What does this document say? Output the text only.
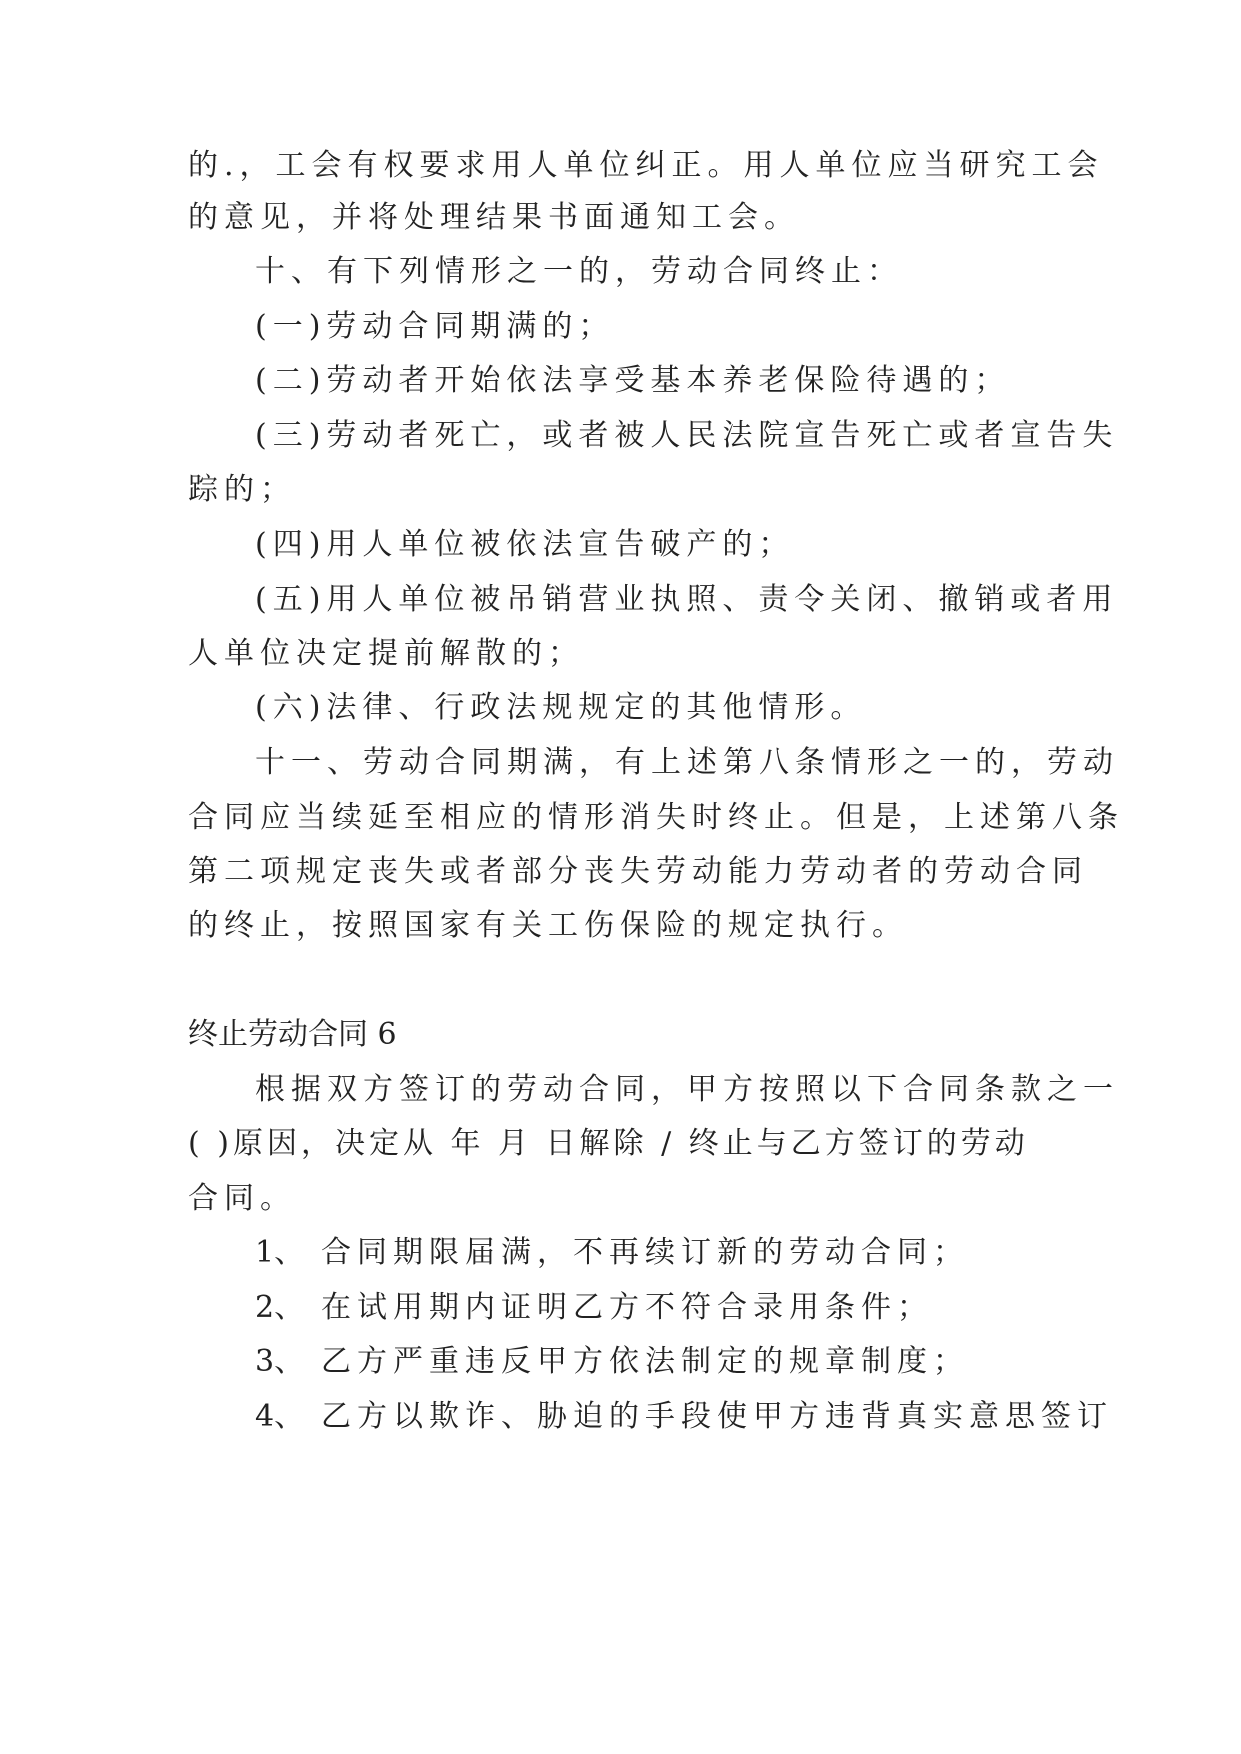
的.，工会有权要求用人单位纠正。用人单位应当研究工会
的意见，并将处理结果书面通知工会。
十、有下列情形之一的，劳动合同终止：
(一)劳动合同期满的；
(二)劳动者开始依法享受基本养老保险待遇的；
(三)劳动者死亡，或者被人民法院宣告死亡或者宣告失
踪的；
(四)用人单位被依法宣告破产的；
(五)用人单位被吊销营业执照、责令关闭、撤销或者用
人单位决定提前解散的；
(六)法律、行政法规规定的其他情形。
十一、劳动合同期满，有上述第八条情形之一的，劳动
合同应当续延至相应的情形消失时终止。但是，上述第八条
第二项规定丧失或者部分丧失劳动能力劳动者的劳动合同
的终止，按照国家有关工伤保险的规定执行。
终止劳动合同 6
根据双方签订的劳动合同，甲方按照以下合同条款之一
( )原因，决定从 年 月 日解除 / 终止与乙方签订的劳动
合同。
1、 合同期限届满，不再续订新的劳动合同；
2、 在试用期内证明乙方不符合录用条件；
3、 乙方严重违反甲方依法制定的规章制度；
4、 乙方以欺诈、胁迫的手段使甲方违背真实意思签订
